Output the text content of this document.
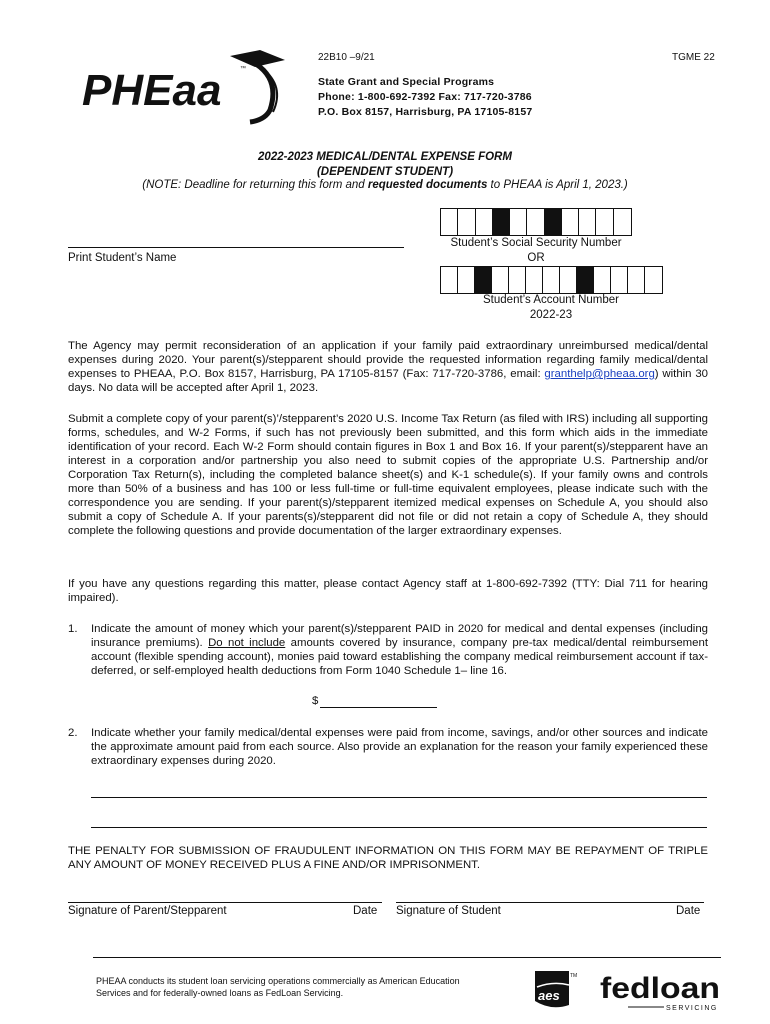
PHEaa	™
22B10 –9/21	TGME 22
State Grant and Special Programs
Phone: 1-800-692-7392 Fax: 717-720-3786
P.O. Box 8157, Harrisburg, PA 17105-8157
2022-2023 MEDICAL/DENTAL EXPENSE FORM
(DEPENDENT STUDENT)
(NOTE: Deadline for returning this form and requested documents to PHEAA is April 1, 2023.)
Print Student’s Name
Student’s Social Security Number
OR
Student’s Account Number
2022-23
The Agency may permit reconsideration of an application if your family paid extraordinary unreimbursed medical/dental expenses during 2020. Your parent(s)/stepparent should provide the requested information regarding family medical/dental expenses to PHEAA, P.O. Box 8157, Harrisburg, PA 17105-8157 (Fax: 717-720-3786, email: granthelp@pheaa.org) within 30 days. No data will be accepted after April 1, 2023.
Submit a complete copy of your parent(s)’/stepparent’s 2020 U.S. Income Tax Return (as filed with IRS) including all supporting forms, schedules, and W-2 Forms, if such has not previously been submitted, and this form which aids in the immediate identification of your record. Each W-2 Form should contain figures in Box 1 and Box 16. If your parent(s)/stepparent have an interest in a corporation and/or partnership you also need to submit copies of the appropriate U.S. Partnership and/or Corporation Tax Return(s), including the completed balance sheet(s) and K-1 schedule(s). If your family owns and controls more than 50% of a business and has 100 or less full-time or full-time equivalent employees, please indicate such with the correspondence you are sending. If your parent(s)/stepparent itemized medical expenses on Schedule A, you should also submit a copy of Schedule A. If your parents(s)/stepparent did not file or did not retain a copy of Schedule A, they should complete the following questions and provide documentation of the larger extraordinary expenses.
If you have any questions regarding this matter, please contact Agency staff at 1-800-692-7392 (TTY: Dial 711 for hearing impaired).
1. Indicate the amount of money which your parent(s)/stepparent PAID in 2020 for medical and dental expenses (including insurance premiums). Do not include amounts covered by insurance, company pre-tax medical/dental reimbursement account (flexible spending account), monies paid toward establishing the company medical reimbursement account if tax-deferred, or self-employed health deductions from Form 1040 Schedule 1– line 16.
$
2. Indicate whether your family medical/dental expenses were paid from income, savings, and/or other sources and indicate the approximate amount paid from each source. Also provide an explanation for the reason your family experienced these extraordinary expenses during 2020.
THE PENALTY FOR SUBMISSION OF FRAUDULENT INFORMATION ON THIS FORM MAY BE REPAYMENT OF TRIPLE ANY AMOUNT OF MONEY RECEIVED PLUS A FINE AND/OR IMPRISONMENT.
Signature of Parent/Stepparent	Date Signature of Student	Date
PHEAA conducts its student loan servicing operations commercially as American Education Services and for federally-owned loans as FedLoan Servicing.	aes
TM fedloan
SERVICING
